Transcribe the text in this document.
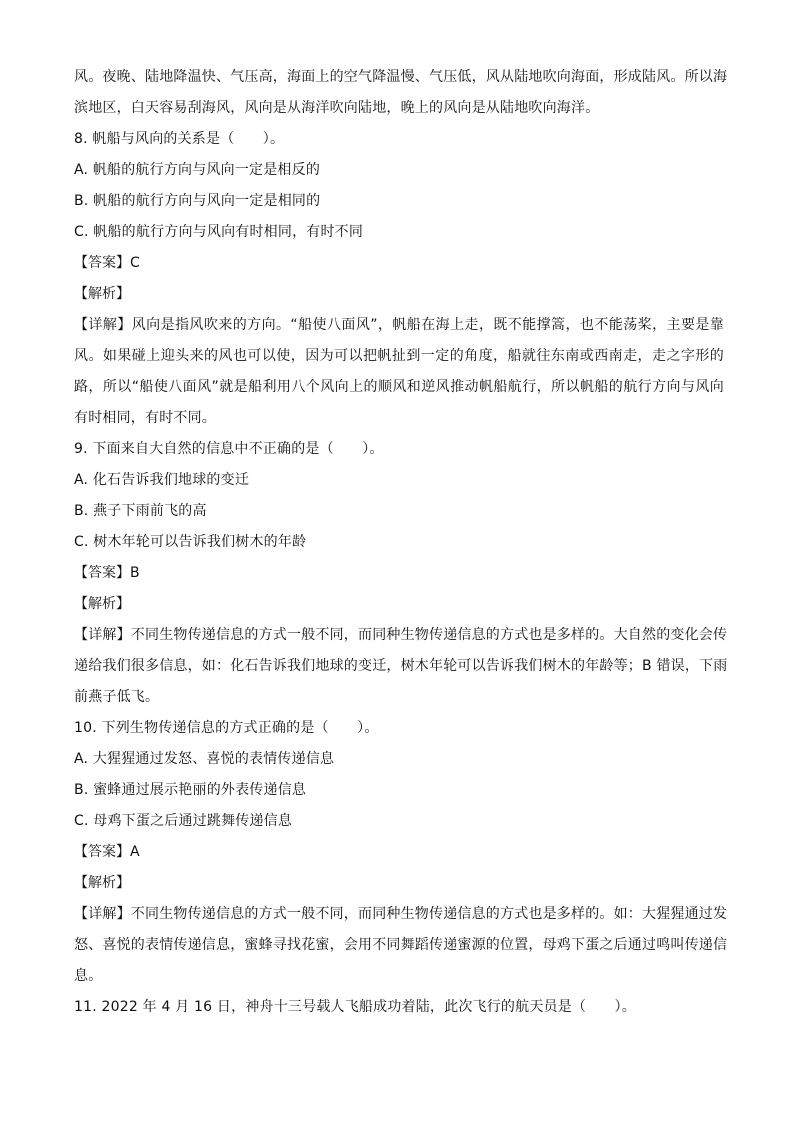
风。夜晚、陆地降温快、气压高，海面上的空气降温慢、气压低，风从陆地吹向海面，形成陆风。所以海
滨地区，白天容易刮海风，风向是从海洋吹向陆地，晚上的风向是从陆地吹向海洋。
8. 帆船与风向的关系是（　　）。
A. 帆船的航行方向与风向一定是相反的
B. 帆船的航行方向与风向一定是相同的
C. 帆船的航行方向与风向有时相同，有时不同
【答案】C
【解析】
【详解】风向是指风吹来的方向。“船使八面风”，帆船在海上走，既不能撑篙，也不能荡桨，主要是靠
风。如果碰上迎头来的风也可以使，因为可以把帆扯到一定的角度，船就往东南或西南走，走之字形的
路，所以“船使八面风”就是船利用八个风向上的顺风和逆风推动帆船航行，所以帆船的航行方向与风向
有时相同，有时不同。
9. 下面来自大自然的信息中不正确的是（　　）。
A. 化石告诉我们地球的变迁
B. 燕子下雨前飞的高
C. 树木年轮可以告诉我们树木的年龄
【答案】B
【解析】
【详解】不同生物传递信息的方式一般不同，而同种生物传递信息的方式也是多样的。大自然的变化会传
递给我们很多信息，如：化石告诉我们地球的变迁，树木年轮可以告诉我们树木的年龄等；B 错误，下雨
前燕子低飞。
10. 下列生物传递信息的方式正确的是（　　）。
A. 大猩猩通过发怒、喜悦的表情传递信息
B. 蜜蜂通过展示艳丽的外表传递信息
C. 母鸡下蛋之后通过跳舞传递信息
【答案】A
【解析】
【详解】不同生物传递信息的方式一般不同，而同种生物传递信息的方式也是多样的。如：大猩猩通过发
怒、喜悦的表情传递信息，蜜蜂寻找花蜜，会用不同舞蹈传递蜜源的位置，母鸡下蛋之后通过鸣叫传递信
息。
11. 2022 年 4 月 16 日，神舟十三号载人飞船成功着陆，此次飞行的航天员是（　　）。
